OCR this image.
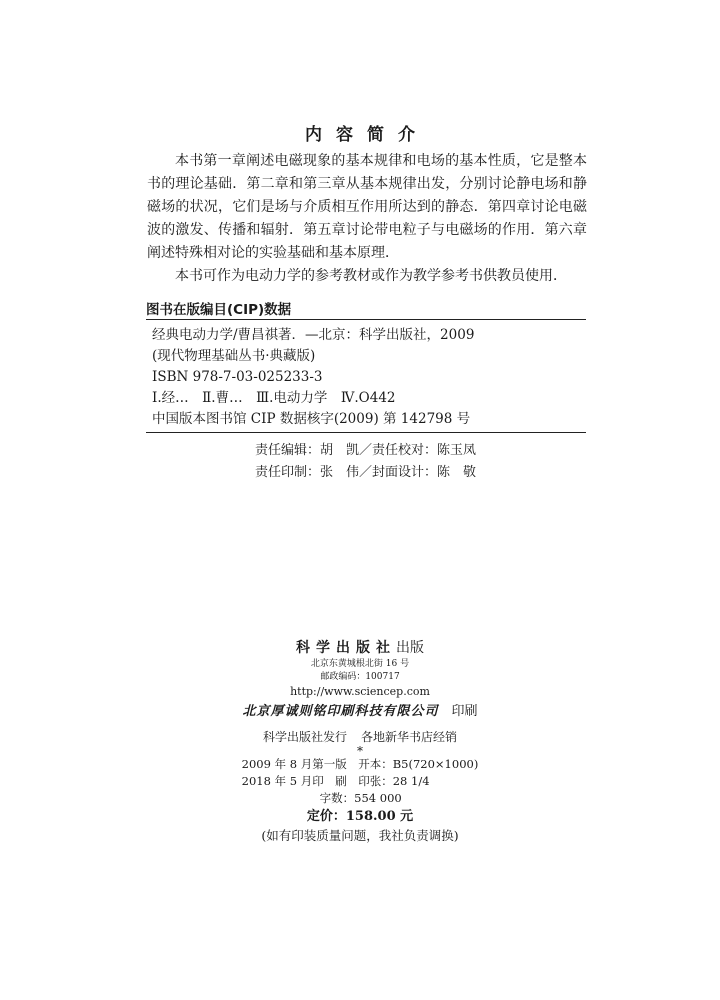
内容简介

本书第一章阐述电磁现象的基本规律和电场的基本性质，它是整本书的理论基础．第二章和第三章从基本规律出发，分别讨论静电场和静磁场的状况，它们是场与介质相互作用所达到的静态．第四章讨论电磁波的激发、传播和辐射．第五章讨论带电粒子与电磁场的作用．第六章阐述特殊相对论的实验基础和基本原理．

本书可作为电动力学的参考教材或作为教学参考书供教员使用．

图书在版编目(CIP)数据
经典电动力学/曹昌祺著．—北京：科学出版社，2009
(现代物理基础丛书·典藏版)
ISBN 978-7-03-025233-3
Ⅰ.经…　Ⅱ.曹…　Ⅲ.电动力学　Ⅳ.O442
中国版本图书馆 CIP 数据核字(2009) 第 142798 号
责任编辑：胡　凯／责任校对：陈玉凤
责任印制：张　伟／封面设计：陈　敬
科学出版社出版
北京东黄城根北街 16 号
邮政编码：100717
http://www.sciencep.com
北京厚诚则铭印刷科技有限公司　 印刷
科学出版社发行 各地新华书店经销
*
2009 年 8 月第一版　开本：B5(720×1000)
2018 年 5 月印　刷　印张：28 1/4
字数：554 000
定价：158.00 元
(如有印装质量问题，我社负责调换)
